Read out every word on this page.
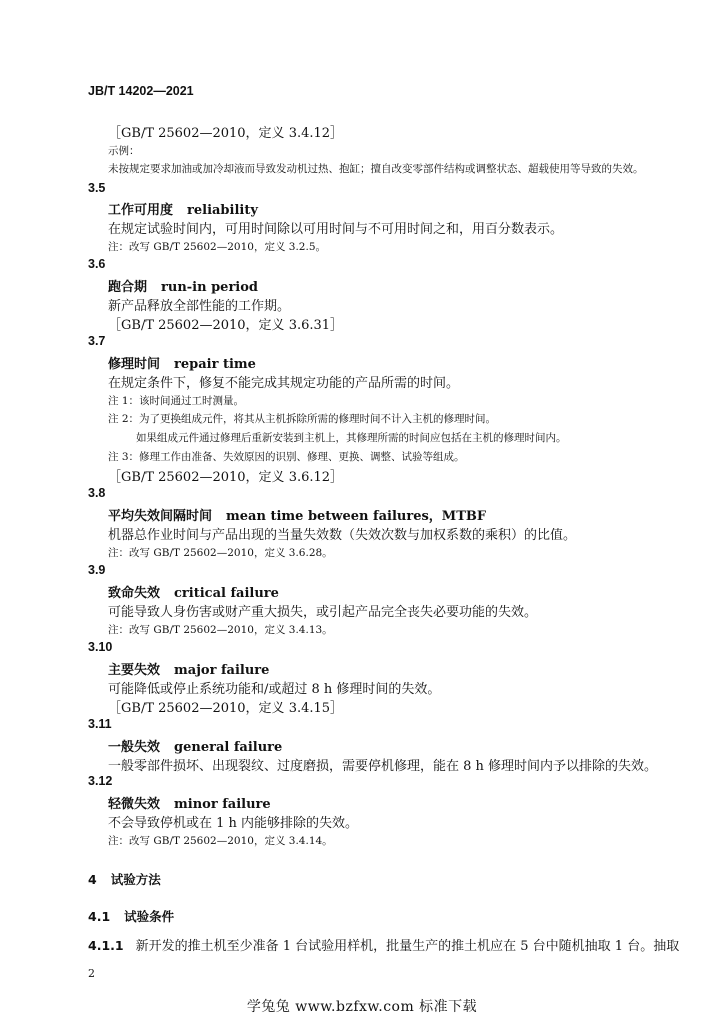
JB/T 14202—2021
［GB/T 25602—2010，定义 3.4.12］
示例：
未按规定要求加油或加冷却液而导致发动机过热、抱缸；擅自改变零部件结构或调整状态、超载使用等导致的失效。
3.5
工作可用度 reliability
在规定试验时间内，可用时间除以可用时间与不可用时间之和，用百分数表示。
注：改写 GB/T 25602—2010，定义 3.2.5。
3.6
跑合期 run-in period
新产品释放全部性能的工作期。
［GB/T 25602—2010，定义 3.6.31］
3.7
修理时间 repair time
在规定条件下，修复不能完成其规定功能的产品所需的时间。
注 1：该时间通过工时测量。
注 2：为了更换组成元件，将其从主机拆除所需的修理时间不计入主机的修理时间。
如果组成元件通过修理后重新安装到主机上，其修理所需的时间应包括在主机的修理时间内。
注 3：修理工作由准备、失效原因的识别、修理、更换、调整、试验等组成。
［GB/T 25602—2010，定义 3.6.12］
3.8
平均失效间隔时间 mean time between failures，MTBF
机器总作业时间与产品出现的当量失效数（失效次数与加权系数的乘积）的比值。
注：改写 GB/T 25602—2010，定义 3.6.28。
3.9
致命失效 critical failure
可能导致人身伤害或财产重大损失，或引起产品完全丧失必要功能的失效。
注：改写 GB/T 25602—2010，定义 3.4.13。
3.10
主要失效 major failure
可能降低或停止系统功能和/或超过 8 h 修理时间的失效。
［GB/T 25602—2010，定义 3.4.15］
3.11
一般失效 general failure
一般零部件损坏、出现裂纹、过度磨损，需要停机修理，能在 8 h 修理时间内予以排除的失效。
3.12
轻微失效 minor failure
不会导致停机或在 1 h 内能够排除的失效。
注：改写 GB/T 25602—2010，定义 3.4.14。
4 试验方法
4.1 试验条件
4.1.1 新开发的推土机至少准备 1 台试验用样机，批量生产的推土机应在 5 台中随机抽取 1 台。抽取
2
学兔兔 www.bzfxw.com 标准下载
